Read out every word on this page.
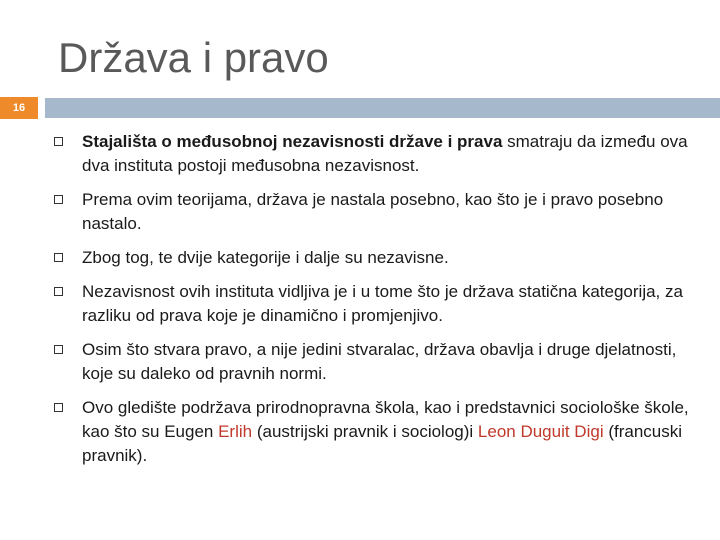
Država i pravo
16
Stajališta o međusobnoj nezavisnosti države i prava smatraju da između ova dva instituta postoji međusobna nezavisnost.
Prema ovim teorijama, država je nastala posebno, kao što je i pravo posebno nastalo.
Zbog tog, te dvije kategorije i dalje su nezavisne.
Nezavisnost ovih instituta vidljiva je i u tome što je država statična kategorija, za razliku od prava koje je dinamično i promjenjivo.
Osim što stvara pravo, a nije jedini stvaralac, država obavlja i druge djelatnosti, koje su daleko od pravnih normi.
Ovo gledište podržava prirodnopravna škola, kao i predstavnici sociološke škole, kao što su Eugen Erlih (austrijski pravnik i sociolog)i Leon Duguit Digi (francuski pravnik).
